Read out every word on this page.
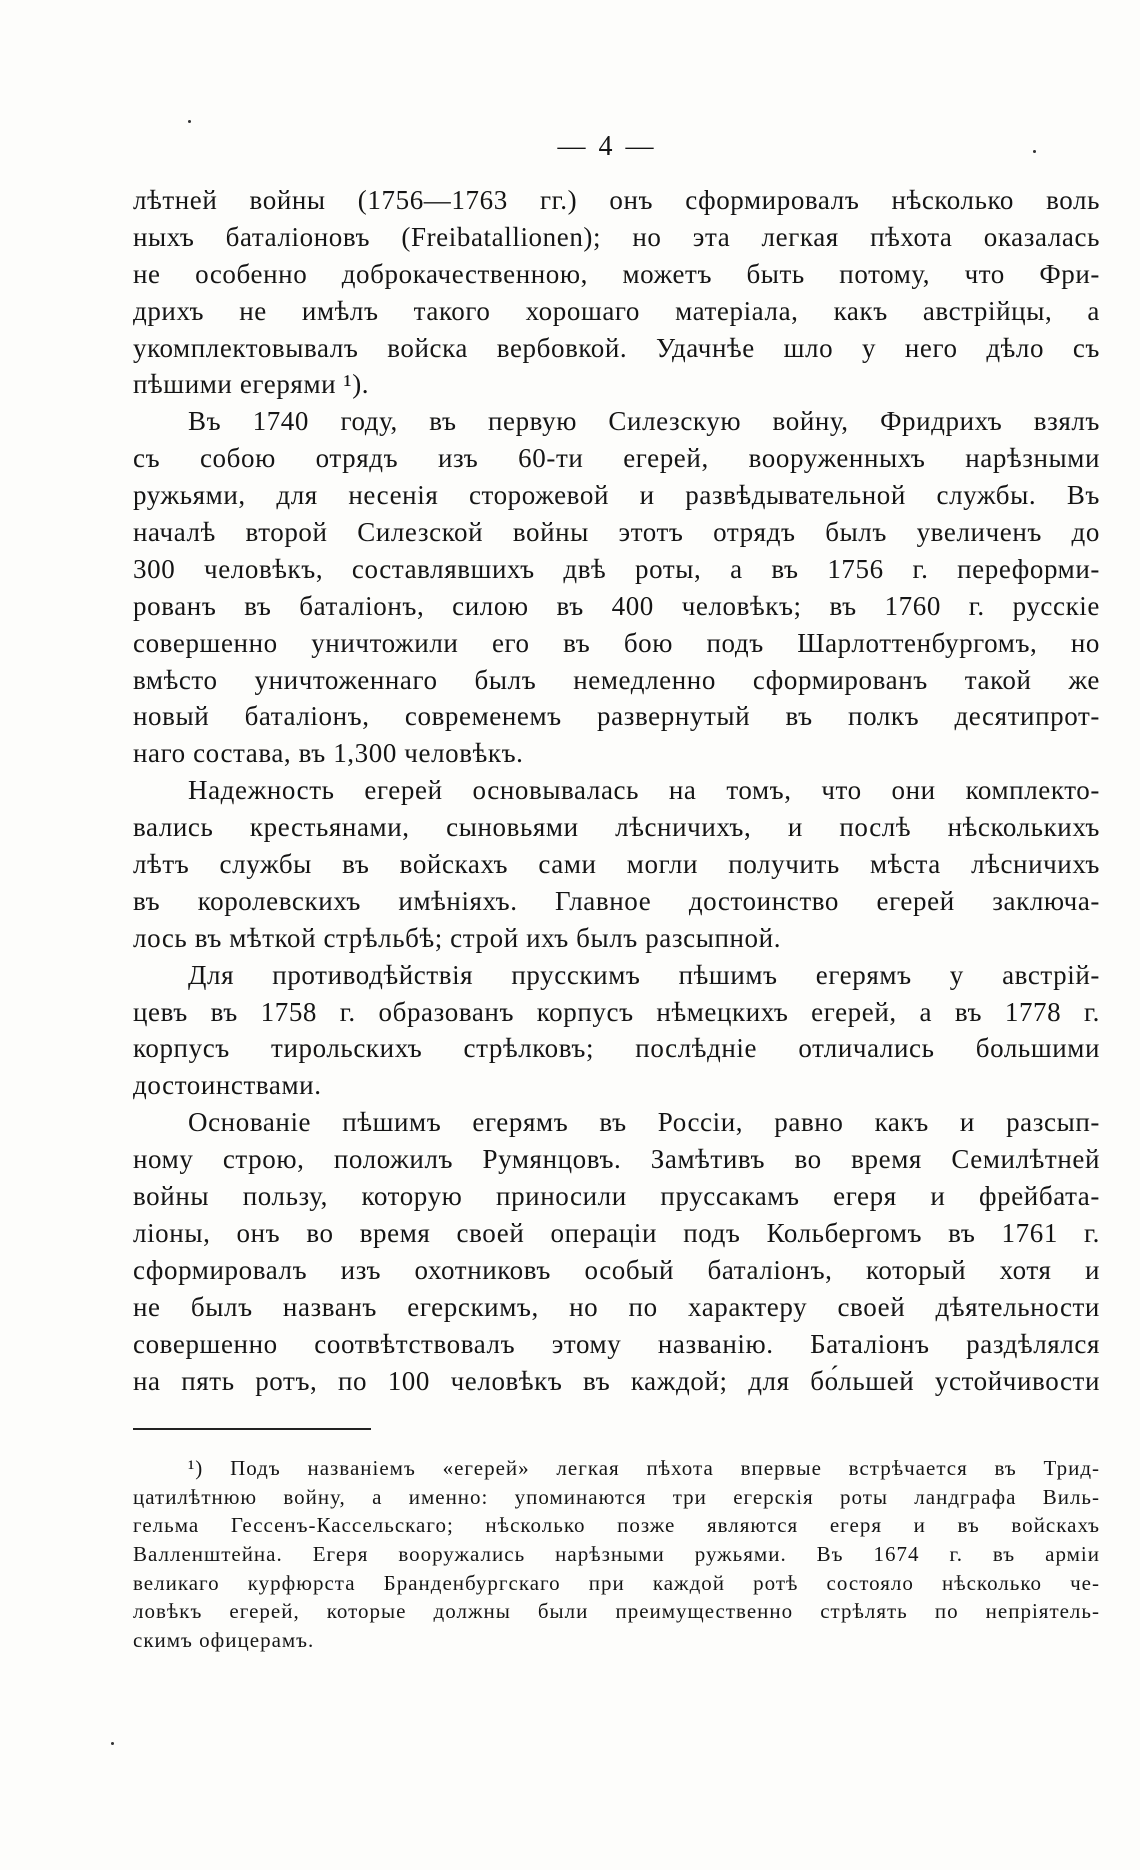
— 4 —
лѣтней войны (1756—1763 гг.) онъ сформировалъ нѣсколько воль
ныхъ баталіоновъ (Freibatallionen); но эта легкая пѣхота оказалась
не особенно доброкачественною, можетъ быть потому, что Фри-
дрихъ не имѣлъ такого хорошаго матеріала, какъ австрійцы, а
укомплектовывалъ войска вербовкой. Удачнѣе шло у него дѣло съ
пѣшими егерями ¹).
Въ 1740 году, въ первую Силезскую войну, Фридрихъ взялъ
съ собою отрядъ изъ 60-ти егерей, вооруженныхъ нарѣзными
ружьями, для несенія сторожевой и развѣдывательной службы. Въ
началѣ второй Силезской войны этотъ отрядъ былъ увеличенъ до
300 человѣкъ, составлявшихъ двѣ роты, а въ 1756 г. переформи-
рованъ въ баталіонъ, силою въ 400 человѣкъ; въ 1760 г. русскіе
совершенно уничтожили его въ бою подъ Шарлоттенбургомъ, но
вмѣсто уничтоженнаго былъ немедленно сформированъ такой же
новый баталіонъ, современемъ развернутый въ полкъ десятипрот-
наго состава, въ 1,300 человѣкъ.
Надежность егерей основывалась на томъ, что они комплекто-
вались крестьянами, сыновьями лѣсничихъ, и послѣ нѣсколькихъ
лѣтъ службы въ войскахъ сами могли получить мѣста лѣсничихъ
въ королевскихъ имѣніяхъ. Главное достоинство егерей заключа-
лось въ мѣткой стрѣльбѣ; строй ихъ былъ разсыпной.
Для противодѣйствія прусскимъ пѣшимъ егерямъ у австрій-
цевъ въ 1758 г. образованъ корпусъ нѣмецкихъ егерей, а въ 1778 г.
корпусъ тирольскихъ стрѣлковъ; послѣдніе отличались большими
достоинствами.
Основаніе пѣшимъ егерямъ въ Россіи, равно какъ и разсып-
ному строю, положилъ Румянцовъ. Замѣтивъ во время Семилѣтней
войны пользу, которую приносили пруссакамъ егеря и фрейбата-
ліоны, онъ во время своей операціи подъ Кольбергомъ въ 1761 г.
сформировалъ изъ охотниковъ особый баталіонъ, который хотя и
не былъ названъ егерскимъ, но по характеру своей дѣятельности
совершенно соотвѣтствовалъ этому названію. Баталіонъ раздѣлялся
на пять ротъ, по 100 человѣкъ въ каждой; для бо́льшей устойчивости
¹) Подъ названіемъ «егерей» легкая пѣхота впервые встрѣчается въ Трид-
цатилѣтнюю войну, а именно: упоминаются три егерскія роты ландграфа Виль-
гельма Гессенъ-Кассельскаго; нѣсколько позже являются егеря и въ войскахъ
Валленштейна. Егеря вооружались нарѣзными ружьями. Въ 1674 г. въ арміи
великаго курфюрста Бранденбургскаго при каждой ротѣ состояло нѣсколько че-
ловѣкъ егерей, которые должны были преимущественно стрѣлять по непріятель-
скимъ офицерамъ.
